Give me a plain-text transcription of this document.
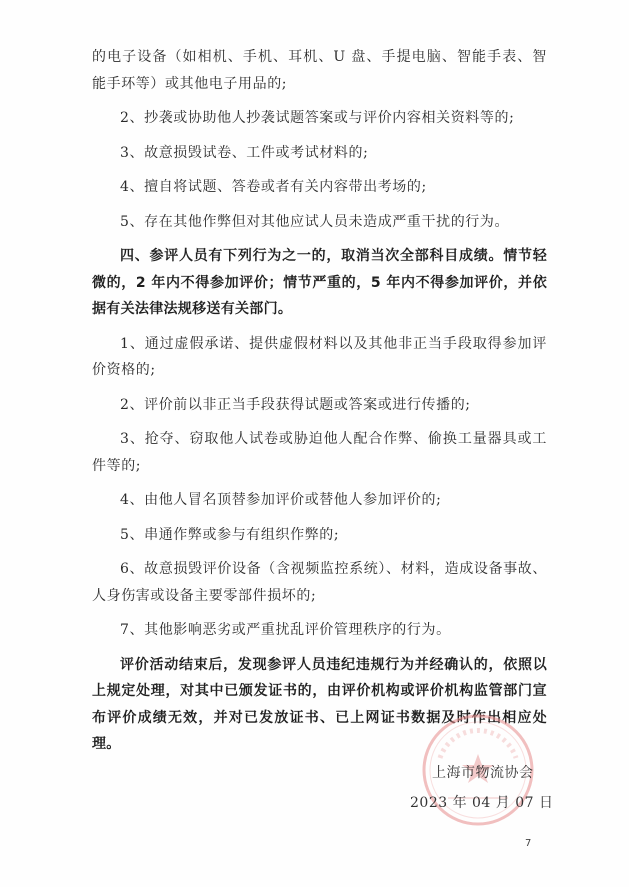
的电子设备（如相机、手机、耳机、U 盘、手提电脑、智能手表、智能手环等）或其他电子用品的;

2、抄袭或协助他人抄袭试题答案或与评价内容相关资料等的;

3、故意损毁试卷、工件或考试材料的;

4、擅自将试题、答卷或者有关内容带出考场的;

5、存在其他作弊但对其他应试人员未造成严重干扰的行为。

四、参评人员有下列行为之一的，取消当次全部科目成绩。情节轻微的，2 年内不得参加评价；情节严重的，5 年内不得参加评价，并依据有关法律法规移送有关部门。

1、通过虚假承诺、提供虚假材料以及其他非正当手段取得参加评价资格的;

2、评价前以非正当手段获得试题或答案或进行传播的;

3、抢夺、窃取他人试卷或胁迫他人配合作弊、偷换工量器具或工件等的;

4、由他人冒名顶替参加评价或替他人参加评价的;

5、串通作弊或参与有组织作弊的;

6、故意损毁评价设备（含视频监控系统）、材料，造成设备事故、人身伤害或设备主要零部件损坏的;

7、其他影响恶劣或严重扰乱评价管理秩序的行为。

评价活动结束后，发现参评人员违纪违规行为并经确认的，依照以上规定处理，对其中已颁发证书的，由评价机构或评价机构监管部门宣布评价成绩无效，并对已发放证书、已上网证书数据及时作出相应处理。

上海市物流协会
2023 年 04 月 07 日
7
